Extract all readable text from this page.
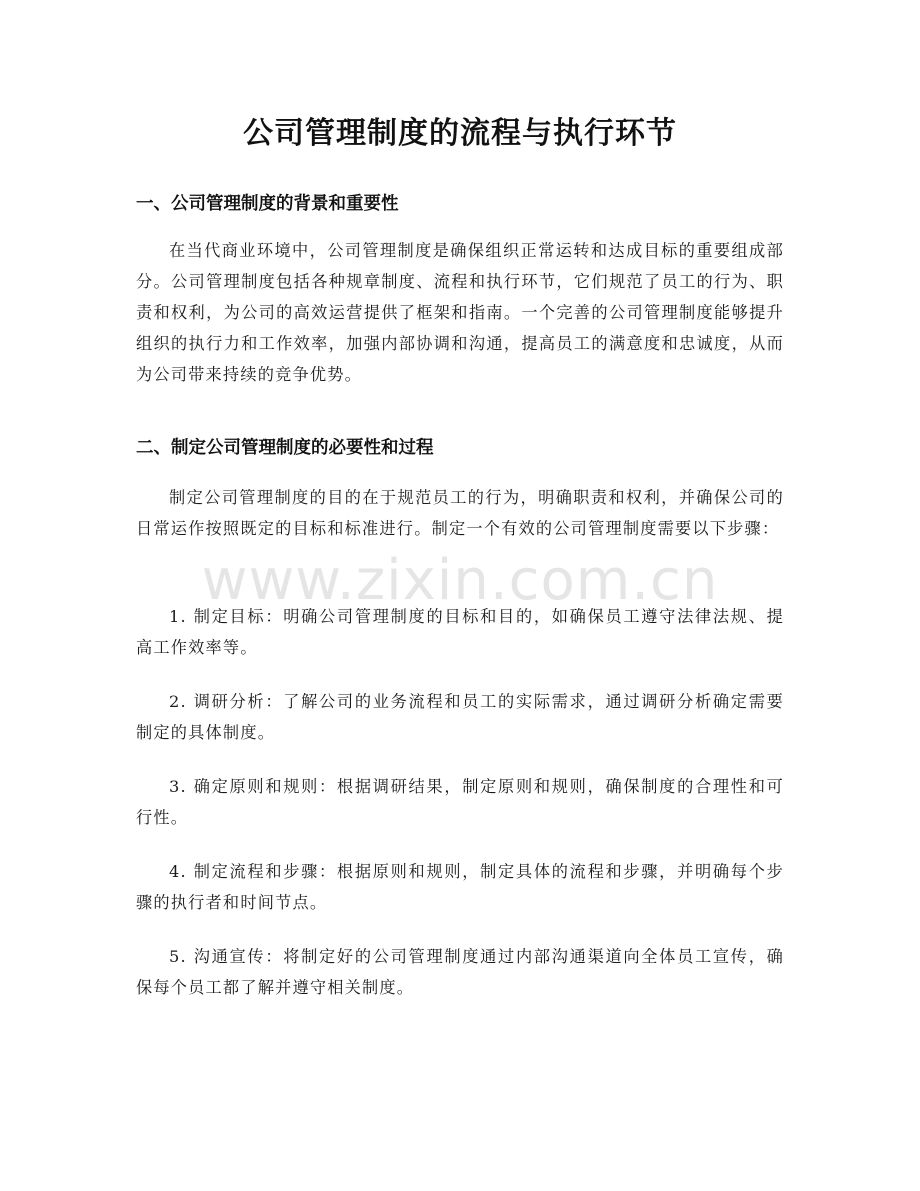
公司管理制度的流程与执行环节
一、公司管理制度的背景和重要性

在当代商业环境中，公司管理制度是确保组织正常运转和达成目标的重要组成部分。公司管理制度包括各种规章制度、流程和执行环节，它们规范了员工的行为、职责和权利，为公司的高效运营提供了框架和指南。一个完善的公司管理制度能够提升组织的执行力和工作效率，加强内部协调和沟通，提高员工的满意度和忠诚度，从而为公司带来持续的竞争优势。

二、制定公司管理制度的必要性和过程

制定公司管理制度的目的在于规范员工的行为，明确职责和权利，并确保公司的日常运作按照既定的目标和标准进行。制定一个有效的公司管理制度需要以下步骤：

1. 制定目标：明确公司管理制度的目标和目的，如确保员工遵守法律法规、提高工作效率等。

2. 调研分析：了解公司的业务流程和员工的实际需求，通过调研分析确定需要制定的具体制度。

3. 确定原则和规则：根据调研结果，制定原则和规则，确保制度的合理性和可行性。

4. 制定流程和步骤：根据原则和规则，制定具体的流程和步骤，并明确每个步骤的执行者和时间节点。

5. 沟通宣传：将制定好的公司管理制度通过内部沟通渠道向全体员工宣传，确保每个员工都了解并遵守相关制度。

www.zixin.com.cn
